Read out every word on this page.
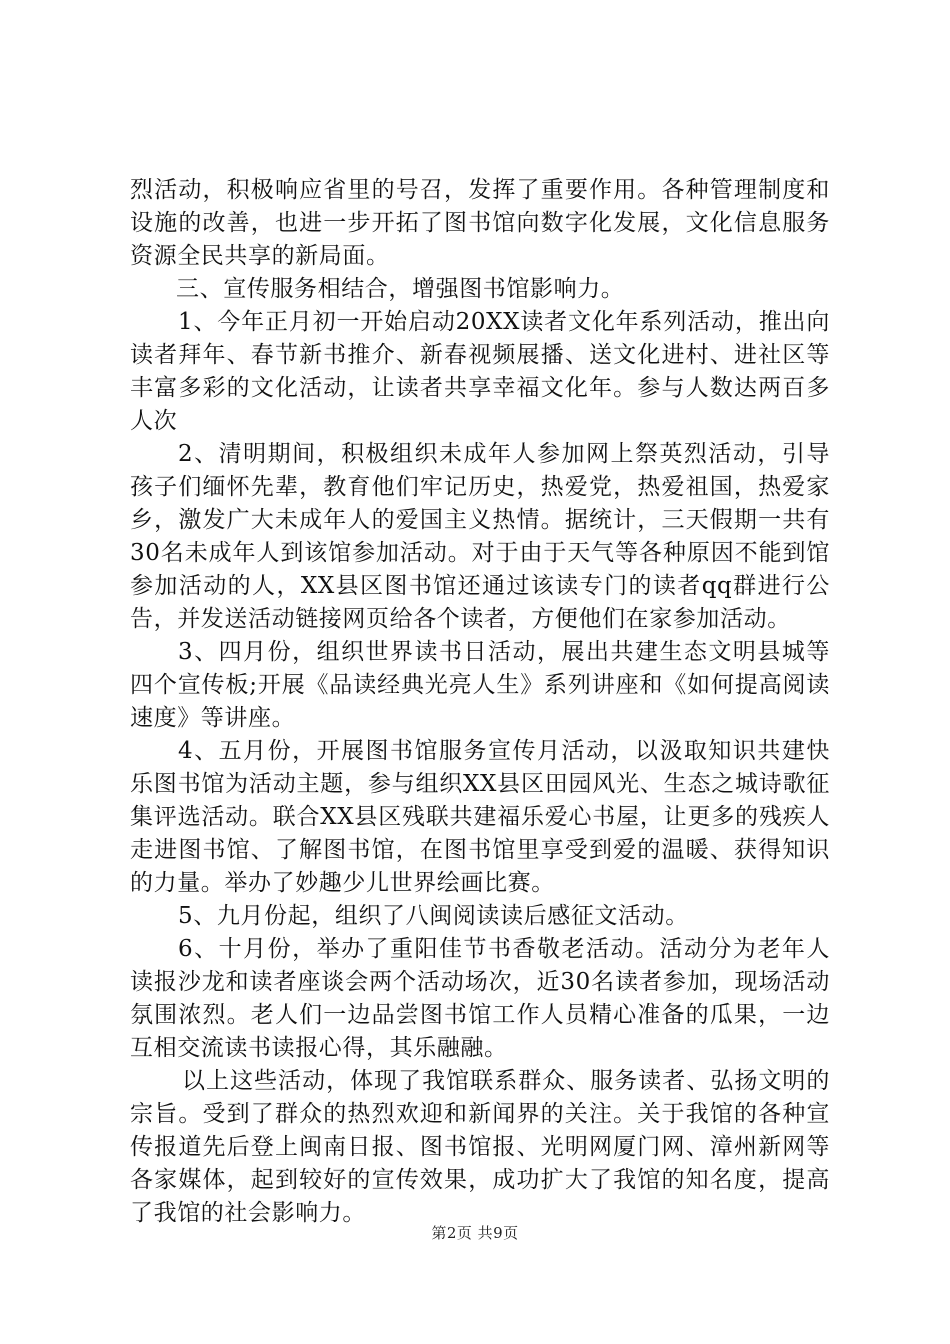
烈活动，积极响应省里的号召，发挥了重要作用。各种管理制度和设施的改善，也进一步开拓了图书馆向数字化发展，文化信息服务资源全民共享的新局面。

三、宣传服务相结合，增强图书馆影响力。

1、今年正月初一开始启动20XX读者文化年系列活动，推出向读者拜年、春节新书推介、新春视频展播、送文化进村、进社区等丰富多彩的文化活动，让读者共享幸福文化年。参与人数达两百多人次

2、清明期间，积极组织未成年人参加网上祭英烈活动，引导孩子们缅怀先辈，教育他们牢记历史，热爱党，热爱祖国，热爱家乡，激发广大未成年人的爱国主义热情。据统计，三天假期一共有30名未成年人到该馆参加活动。对于由于天气等各种原因不能到馆参加活动的人，XX县区图书馆还通过该读专门的读者qq群进行公告，并发送活动链接网页给各个读者，方便他们在家参加活动。

3、四月份，组织世界读书日活动，展出共建生态文明县城等四个宣传板;开展《品读经典光亮人生》系列讲座和《如何提高阅读速度》等讲座。

4、五月份，开展图书馆服务宣传月活动，以汲取知识共建快乐图书馆为活动主题，参与组织XX县区田园风光、生态之城诗歌征集评选活动。联合XX县区残联共建福乐爱心书屋，让更多的残疾人走进图书馆、了解图书馆，在图书馆里享受到爱的温暖、获得知识的力量。举办了妙趣少儿世界绘画比赛。

5、九月份起，组织了八闽阅读读后感征文活动。

6、十月份，举办了重阳佳节书香敬老活动。活动分为老年人读报沙龙和读者座谈会两个活动场次，近30名读者参加，现场活动氛围浓烈。老人们一边品尝图书馆工作人员精心准备的瓜果，一边互相交流读书读报心得，其乐融融。

以上这些活动，体现了我馆联系群众、服务读者、弘扬文明的宗旨。受到了群众的热烈欢迎和新闻界的关注。关于我馆的各种宣传报道先后登上闽南日报、图书馆报、光明网厦门网、漳州新网等各家媒体，起到较好的宣传效果，成功扩大了我馆的知名度，提高了我馆的社会影响力。

第2页 共9页
